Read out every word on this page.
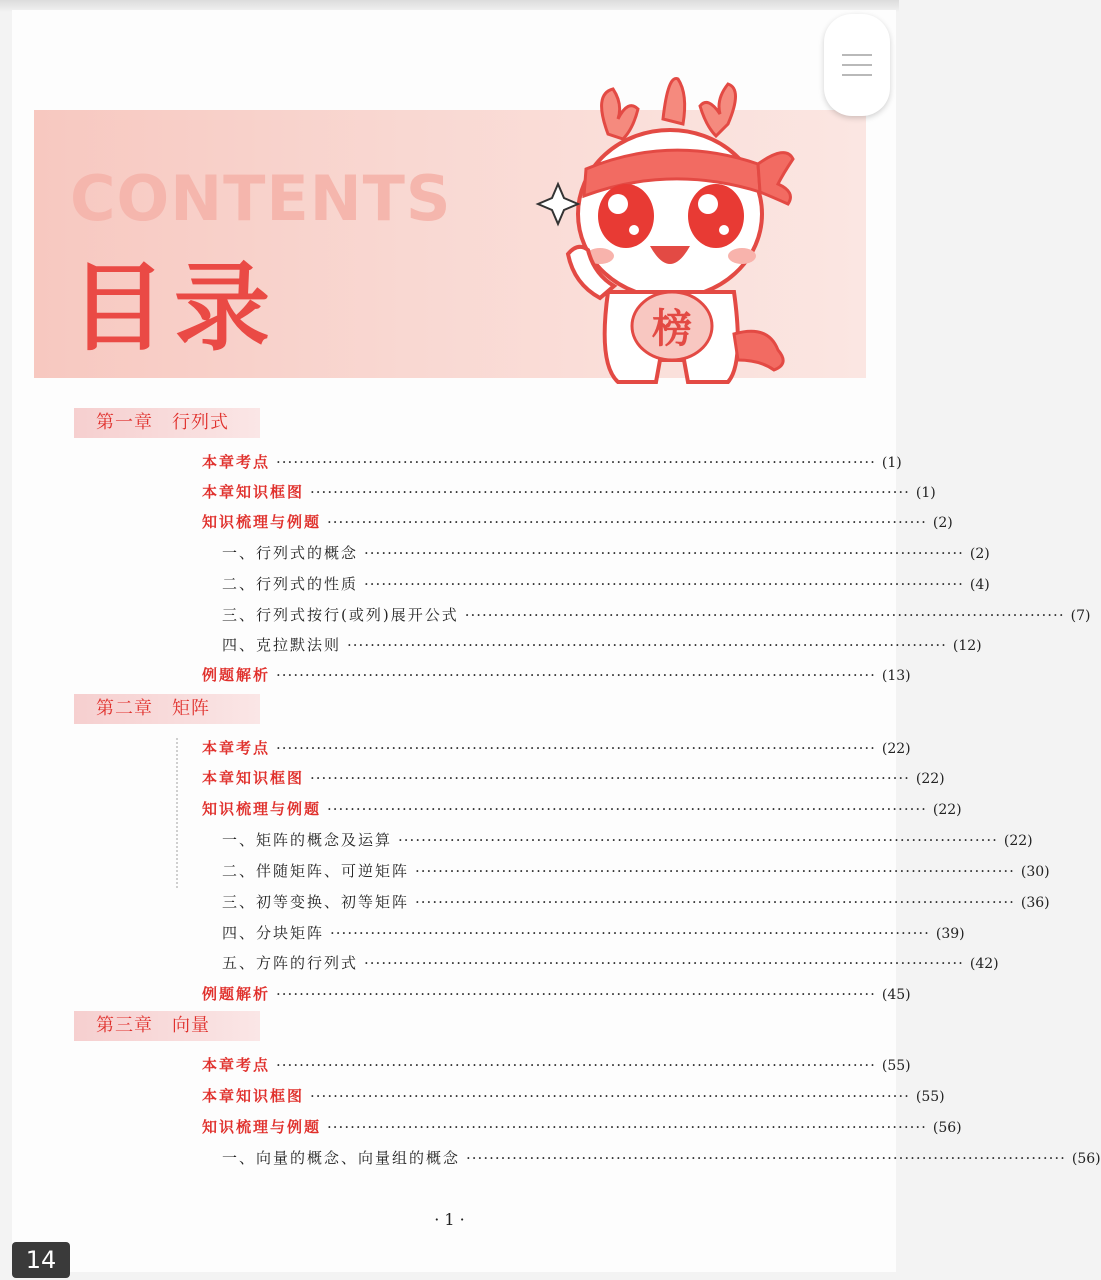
CONTENTS
目录	榜
第一章　行列式
本章考点 ········································································································ (1)
本章知识框图 ········································································································ (1)
知识梳理与例题 ········································································································ (2)
一、行列式的概念 ········································································································ (2)
二、行列式的性质 ········································································································ (4)
三、行列式按行(或列)展开公式 ········································································································ (7)
四、克拉默法则 ········································································································ (12)
例题解析 ········································································································ (13)
第二章　矩阵
本章考点 ········································································································ (22)
本章知识框图 ········································································································ (22)
知识梳理与例题 ········································································································ (22)
一、矩阵的概念及运算 ········································································································ (22)
二、伴随矩阵、可逆矩阵 ········································································································ (30)
三、初等变换、初等矩阵 ········································································································ (36)
四、分块矩阵 ········································································································ (39)
五、方阵的行列式 ········································································································ (42)
例题解析 ········································································································ (45)
第三章　向量
本章考点 ········································································································ (55)
本章知识框图 ········································································································ (55)
知识梳理与例题 ········································································································ (56)
一、向量的概念、向量组的概念 ········································································································ (56)
· 1 ·
14
